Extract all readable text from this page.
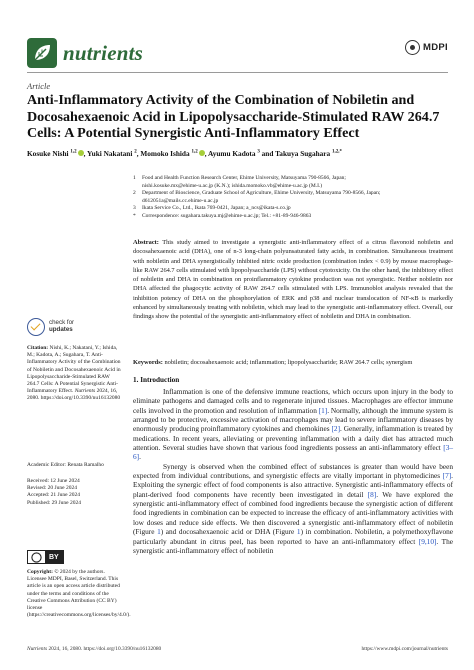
nutrients	MDPI
Article
Anti-Inflammatory Activity of the Combination of Nobiletin and Docosahexaenoic Acid in Lipopolysaccharide-Stimulated RAW 264.7 Cells: A Potential Synergistic Anti-Inflammatory Effect
Kosuke Nishi $^{1,2}$ , Yuki Nakatani $^2$, Momoko Ishida $^{1,2}$ , Ayumu Kadota $^3$ and Takuya Sugahara $^{1,2,*}$
1	Food and Health Function Research Center, Ehime University, Matsuyama 790-8566, Japan;
nishi.kosuke.mx@ehime-u.ac.jp (K.N.); ishida.momoko.vb@ehime-u.ac.jp (M.I.)
2	Department of Bioscience, Graduate School of Agriculture, Ehime University, Matsuyama 790-8566, Japan;
d612051a@mails.cc.ehime-u.ac.jp
3	Ikata Service Co., Ltd., Ikata 769-0421, Japan; a_ncs@ikata-s.co.jp
*	Correspondence: sugahara.takuya.mj@ehime-u.ac.jp; Tel.: +81-89-946-9863
Abstract: This study aimed to investigate a synergistic anti-inflammatory effect of a citrus flavonoid nobiletin and docosahexaenoic acid (DHA), one of n-3 long-chain polyunsaturated fatty acids, in combination. Simultaneous treatment with nobiletin and DHA synergistically inhibited nitric oxide production (combination index < 0.9) by mouse macrophage-like RAW 264.7 cells stimulated with lipopolysaccharide (LPS) without cytotoxicity. On the other hand, the inhibitory effect of nobiletin and DHA in combination on proinflammatory cytokine production was not synergistic. Neither nobiletin nor DHA affected the phagocytic activity of RAW 264.7 cells stimulated with LPS. Immunoblot analysis revealed that the inhibition potency of DHA on the phosphorylation of ERK and p38 and nuclear translocation of NF-κB is markedly enhanced by simultaneously treating with nobiletin, which may lead to the synergistic anti-inflammatory effect. Overall, our findings show the potential of the synergistic anti-inflammatory effect of nobiletin and DHA in combination.
Keywords: nobiletin; docosahexaenoic acid; inflammation; lipopolysaccharide; RAW 264.7 cells; synergism
check for
updates
Citation: Nishi, K.; Nakatani, Y.; Ishida, M.; Kadota, A.; Sugahara, T. Anti-Inflammatory Activity of the Combination of Nobiletin and Docosahexaenoic Acid in Lipopolysaccharide-Stimulated RAW 264.7 Cells: A Potential Synergistic Anti-Inflammatory Effect. Nutrients 2024, 16, 2080. https://doi.org/10.3390/nu16132080
Academic Editor: Renata Ramalho
Received: 12 June 2024
Revised: 20 June 2024
Accepted: 21 June 2024
Published: 29 June 2024
BY
Copyright: © 2024 by the authors. Licensee MDPI, Basel, Switzerland. This article is an open access article distributed under the terms and conditions of the Creative Commons Attribution (CC BY) license (https://creativecommons.org/licenses/by/4.0/).
1. Introduction

Inflammation is one of the defensive immune reactions, which occurs upon injury in the body to eliminate pathogens and damaged cells and to regenerate injured tissues. Macrophages are effector immune cells involved in the promotion and resolution of inflammation [1]. Normally, although the immune system is arranged to be protective, excessive activation of macrophages may lead to severe inflammatory diseases by enormously producing proinflammatory cytokines and chemokines [2]. Generally, inflammation is treated by medications. In recent years, alleviating or preventing inflammation with a daily diet has attracted much attention. Several studies have shown that various food ingredients possess an anti-inflammatory effect [3–6].

Synergy is observed when the combined effect of substances is greater than would have been expected from individual contributions, and synergistic effects are vitally important in phytomedicines [7]. Exploiting the synergic effect of food components is also attractive. Synergistic anti-inflammatory effects of plant-derived food components have recently been investigated in detail [8]. We have explored the synergistic anti-inflammatory effect of combined food ingredients because the synergistic action of different food ingredients in combination can be expected to increase the efficacy of anti-inflammatory activities with low doses and reduce side effects. We then discovered a synergistic anti-inflammatory effect of nobiletin (Figure 1) and docosahexaenoic acid or DHA (Figure 1) in combination. Nobiletin, a polymethoxyflavone particularly abundant in citrus peel, has been reported to have an anti-inflammatory effect [9,10]. The synergistic anti-inflammatory effect of nobiletin

Nutrients 2024, 16, 2080. https://doi.org/10.3390/nu16132080	https://www.mdpi.com/journal/nutrients
